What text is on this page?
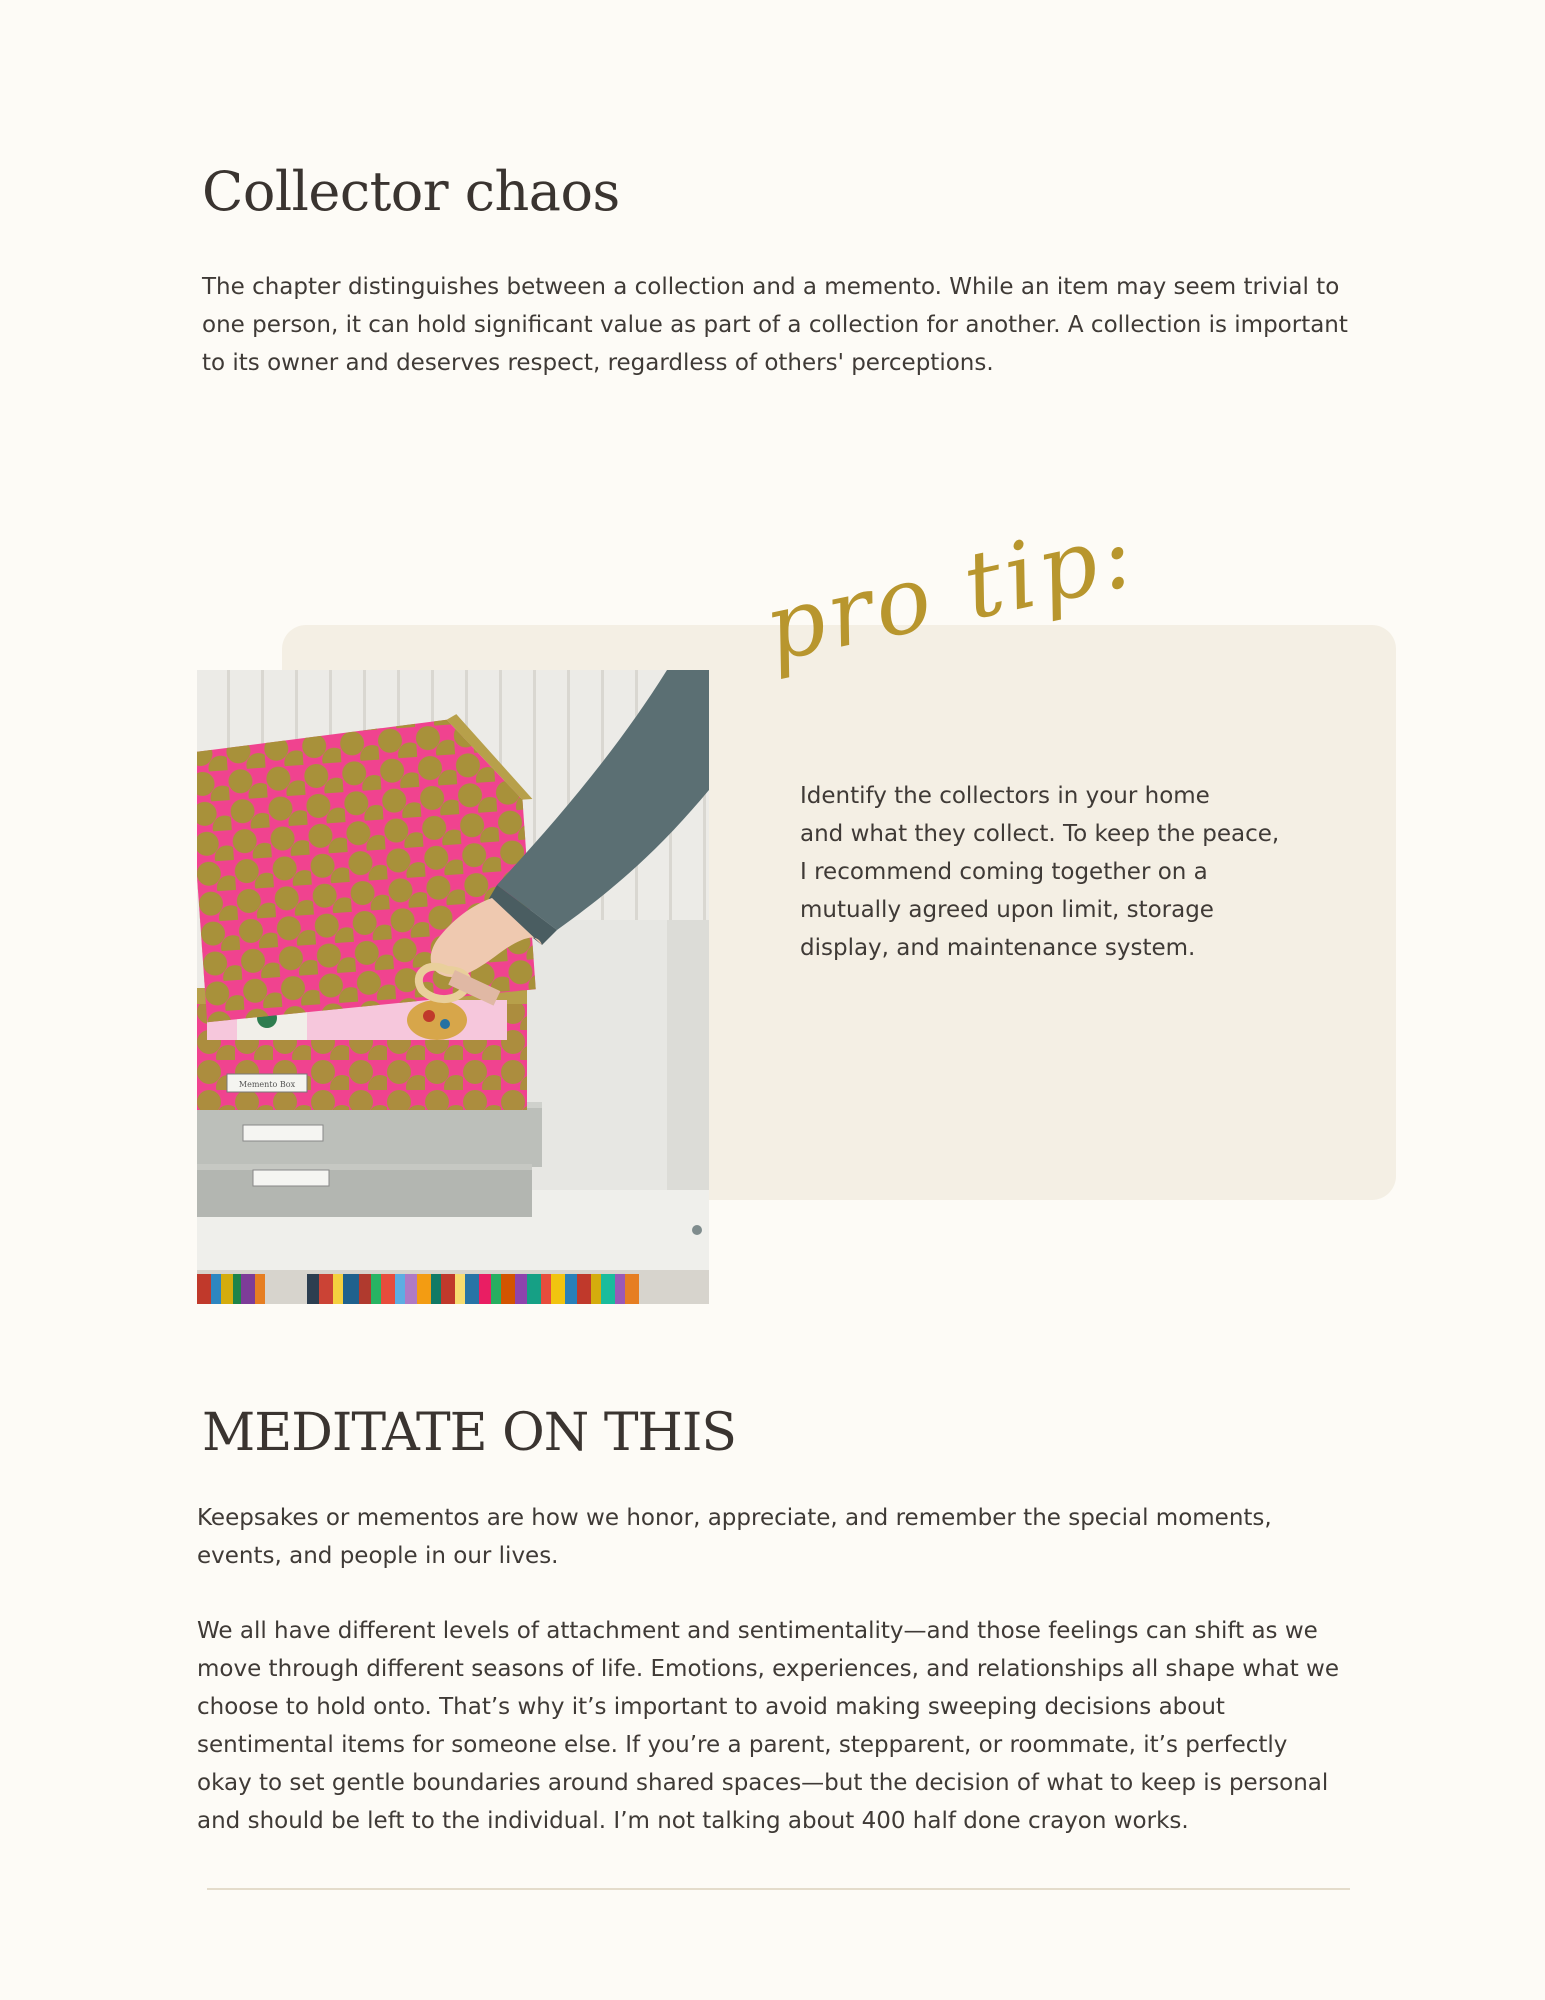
Collector chaos

The chapter distinguishes between a collection and a memento. While an item may seem trivial to one person, it can hold significant value as part of a collection for another. A collection is important to its owner and deserves respect, regardless of others' perceptions.

pro tip:
Memento Box

Identify the collectors in your home
and what they collect. To keep the peace,
I recommend coming together on a
mutually agreed upon limit, storage
display, and maintenance system.

MEDITATE ON THIS

Keepsakes or mementos are how we honor, appreciate, and remember the special moments, events, and people in our lives.

We all have different levels of attachment and sentimentality—and those feelings can shift as we move through different seasons of life. Emotions, experiences, and relationships all shape what we choose to hold onto. That’s why it’s important to avoid making sweeping decisions about sentimental items for someone else. If you’re a parent, stepparent, or roommate, it’s perfectly okay to set gentle boundaries around shared spaces—but the decision of what to keep is personal and should be left to the individual. I’m not talking about 400 half done crayon works.
